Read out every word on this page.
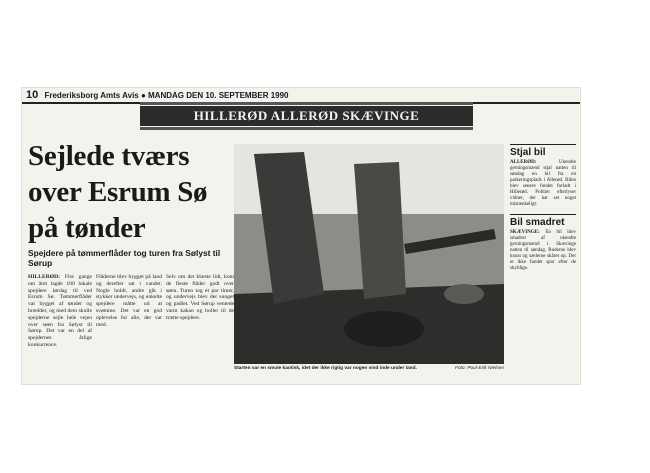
10 Frederiksborg Amts Avis ● MANDAG DEN 10. SEPTEMBER 1990
HILLERØD ALLERØD SKÆVINGE
Sejlede tværs over Esrum Sø på tønder
Spejdere på tømmerflåder tog turen fra Sølyst til Sørup
HILLERØD: Fire gange om året lagde 100 lokale spejdere lørdag til ved Esrum Sø. Tømmerflåder var bygget af tønder og brædder, og med dem skulle spejderne sejle hele vejen over søen fra Sølyst til Sørup. Det var en del af spejdernes årlige konkurrence.
Flåderne blev bygget på land og derefter sat i vandet. Nogle holdt, andre gik i stykker undervejs, og enkelte spejdere måtte ud at svømme. Det var en god oplevelse for alle, der var med.
Selv om det blæste lidt, kom de fleste flåder godt over søen. Turen tog et par timer, og undervejs blev der sunget og padlet. Ved Sørup ventede varm kakao og boller til de trætte spejdere.
Starten var en smule kaotisk, idet der ikke rigtig var nogen vind inde under land.	Foto: Poul-Erik Nielsen
Stjal bil
ALLERØD:	Ukendte gerningsmænd stjal natten til søndag en bil fra en parkeringsplads i Allerød. Bilen blev senere fundet forladt i Hillerød. Politiet efterlyser vidner, der har set noget mistænkeligt.
Bil smadret
SKÆVINGE: En bil blev smadret af ukendte gerningsmænd i Skævinge natten til søndag. Ruderne blev knust og sæderne skåret op. Der er ikke fundet spor efter de skyldige.
